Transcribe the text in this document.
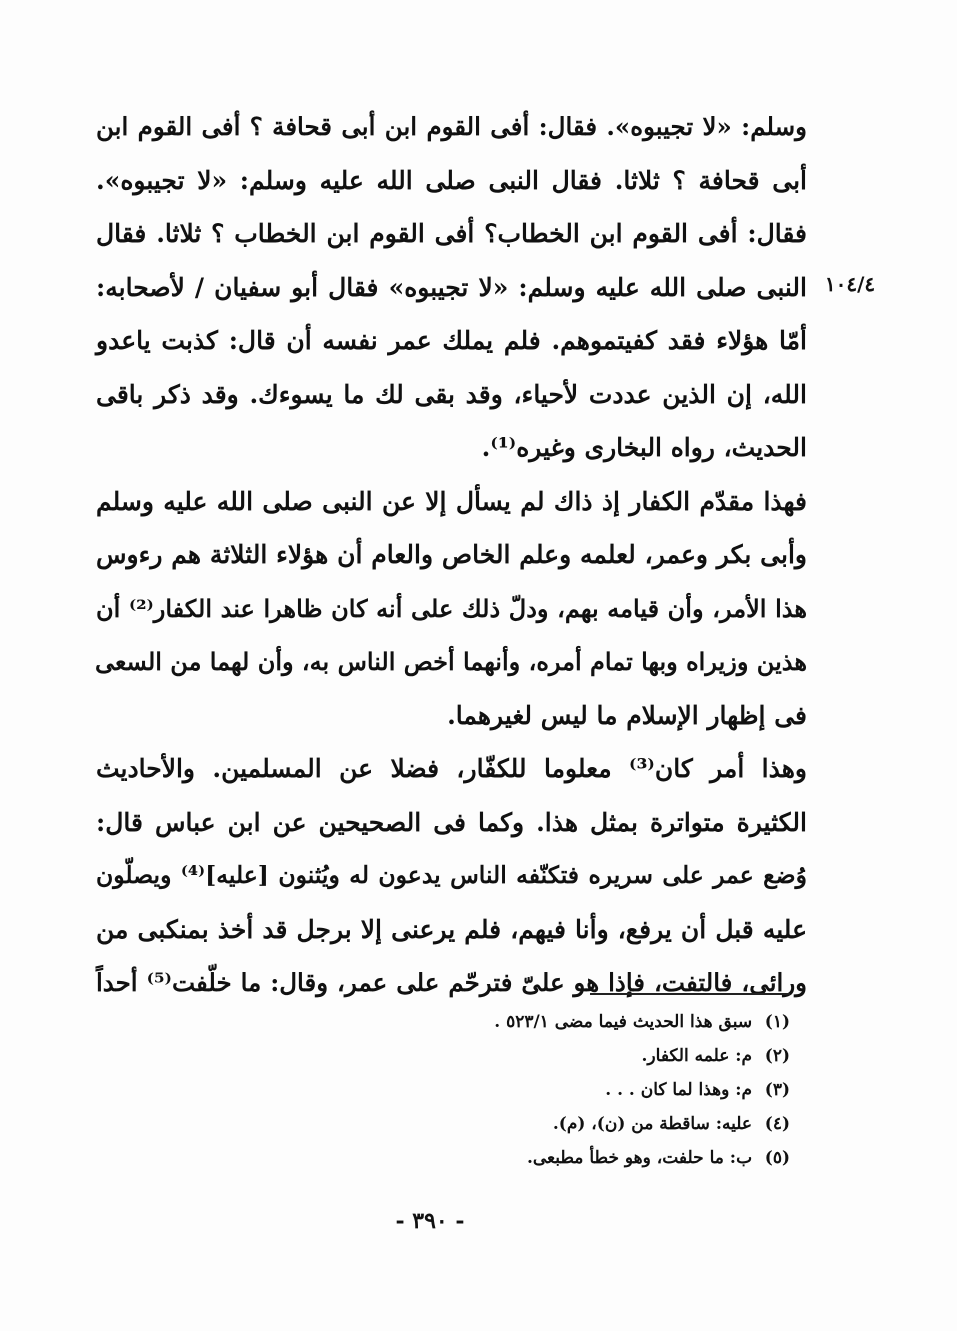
١٠٤/٤
وسلم: «لا تجيبوه». فقال: أفى القوم ابن أبى قحافة ؟ أفى القوم ابن
أبى قحافة ؟ ثلاثا. فقال النبى صلى الله عليه وسلم: «لا تجيبوه».
فقال: أفى القوم ابن الخطاب؟ أفى القوم ابن الخطاب ؟ ثلاثا. فقال
النبى صلى الله عليه وسلم: «لا تجيبوه» فقال أبو سفيان / لأصحابه:
أمّا هؤلاء فقد كفيتموهم. فلم يملك عمر نفسه أن قال: كذبت ياعدو
الله، إن الذين عددت لأحياء، وقد بقى لك ما يسوءك. وقد ذكر باقى
الحديث، رواه البخارى وغيره⁽¹⁾.
فهذا مقدّم الكفار إذ ذاك لم يسأل إلا عن النبى صلى الله عليه وسلم
وأبى بكر وعمر، لعلمه وعلم الخاص والعام أن هؤلاء الثلاثة هم رءوس
هذا الأمر، وأن قيامه بهم، ودلّ ذلك على أنه كان ظاهرا عند الكفار⁽²⁾ أن
هذين وزيراه وبها تمام أمره، وأنهما أخص الناس به، وأن لهما من السعى
فى إظهار الإسلام ما ليس لغيرهما.
وهذا أمر كان⁽³⁾ معلوما للكفّار، فضلا عن المسلمين. والأحاديث
الكثيرة متواترة بمثل هذا. وكما فى الصحيحين عن ابن عباس قال:
وُضع عمر على سريره فتكنّفه الناس يدعون له ويُثنون [عليه]⁽⁴⁾ ويصلّون
عليه قبل أن يرفع، وأنا فيهم، فلم يرعنى إلا برجل قد أخذ بمنكبى من
ورائى، فالتفت، فإذا هو علىّ فترحّم على عمر، وقال: ما خلّفت⁽⁵⁾ أحداً
(١) سبق هذا الحديث فيما مضى ٥٢٣/١ .
(٢) م: علمه الكفار.
(٣) م: وهذا لما كان . . .
(٤) عليه: ساقطة من (ن)، (م).
(٥) ب: ما حلفت، وهو خطأ مطبعى.
- ٣٩٠ -
